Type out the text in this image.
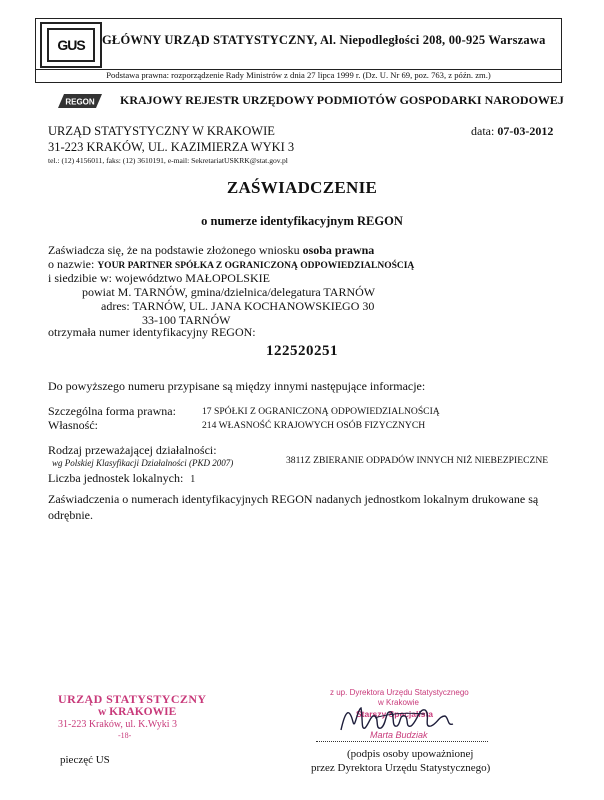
GUS	GŁÓWNY URZĄD STATYSTYCZNY, Al. Niepodległości 208, 00-925 Warszawa
Podstawa prawna: rozporządzenie Rady Ministrów z dnia 27 lipca 1999 r. (Dz. U. Nr 69, poz. 763, z późn. zm.)
REGON KRAJOWY REJESTR URZĘDOWY PODMIOTÓW GOSPODARKI NARODOWEJ
URZĄD STATYSTYCZNY W KRAKOWIE
31-223 KRAKÓW, UL. KAZIMIERZA WYKI 3
tel.: (12) 4156011, faks: (12) 3610191, e-mail: SekretariatUSKRK@stat.gov.pl
data: 07-03-2012
ZAŚWIADCZENIE
o numerze identyfikacyjnym REGON
Zaświadcza się, że na podstawie złożonego wniosku osoba prawna
o nazwie: YOUR PARTNER SPÓŁKA Z OGRANICZONĄ ODPOWIEDZIALNOŚCIĄ
i siedzibie w: województwo MAŁOPOLSKIE
powiat M. TARNÓW, gmina/dzielnica/delegatura TARNÓW
adres: TARNÓW, UL. JANA KOCHANOWSKIEGO 30
33-100 TARNÓW
otrzymała numer identyfikacyjny REGON:
122520251
Do powyższego numeru przypisane są między innymi następujące informacje:
Szczególna forma prawna:	17 SPÓŁKI Z OGRANICZONĄ ODPOWIEDZIALNOŚCIĄ
Własność:	214 WŁASNOŚĆ KRAJOWYCH OSÓB FIZYCZNYCH
Rodzaj przeważającej działalności:
wg Polskiej Klasyfikacji Działalności (PKD 2007)	3811Z ZBIERANIE ODPADÓW INNYCH NIŻ NIEBEZPIECZNE
Liczba jednostek lokalnych: 1
Zaświadczenia o numerach identyfikacyjnych REGON nadanych jednostkom lokalnym drukowane są
odrębnie.
URZĄD STATYSTYCZNY
w KRAKOWIE
31-223 Kraków, ul. K.Wyki 3
-18-
z up. Dyrektora Urzędu Statystycznego
w Krakowie
Starszy Specjalista
Marta Budziak
pieczęć US	(podpis osoby upoważnionej
przez Dyrektora Urzędu Statystycznego)
